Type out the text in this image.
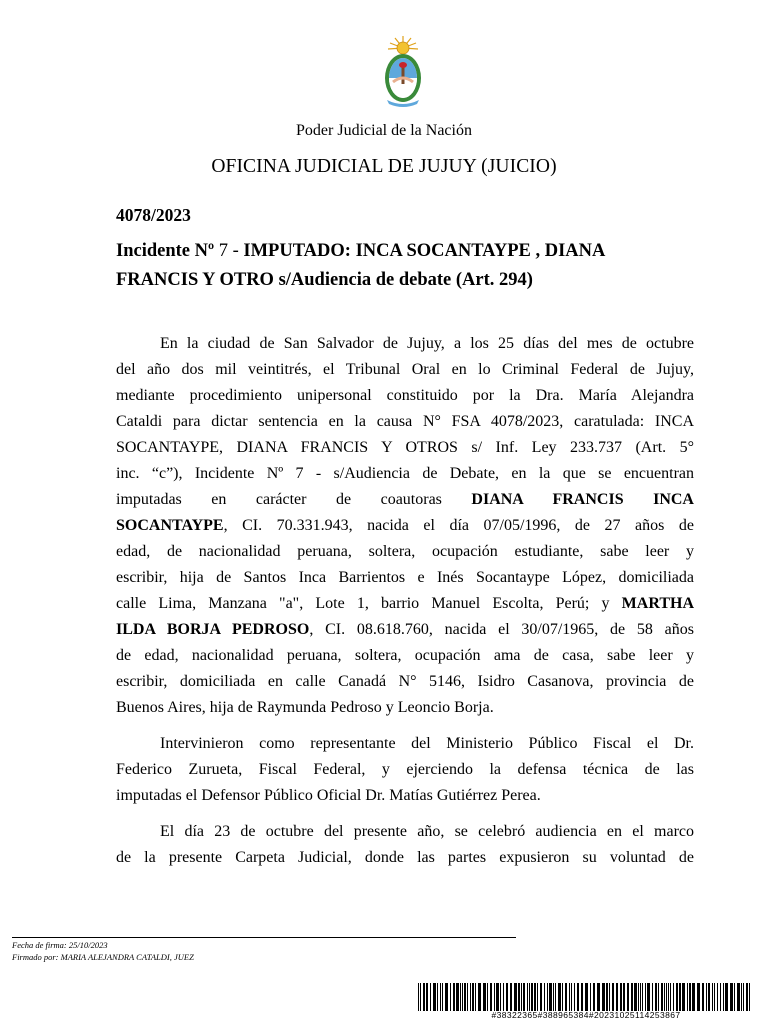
Poder Judicial de la Nación
OFICINA JUDICIAL DE JUJUY (JUICIO)
4078/2023
Incidente Nº 7 - IMPUTADO: INCA SOCANTAYPE , DIANA
FRANCIS Y OTRO s/Audiencia de debate (Art. 294)
En la ciudad de San Salvador de Jujuy, a los 25 días del mes de octubre
del año dos mil veintitrés, el Tribunal Oral en lo Criminal Federal de Jujuy,
mediante procedimiento unipersonal constituido por la Dra. María Alejandra
Cataldi para dictar sentencia en la causa N° FSA 4078/2023, caratulada: INCA
SOCANTAYPE, DIANA FRANCIS Y OTROS s/ Inf. Ley 233.737 (Art. 5°
inc. “c”), Incidente Nº 7 - s/Audiencia de Debate, en la que se encuentran
imputadas en carácter de coautoras DIANA FRANCIS INCA
SOCANTAYPE, CI. 70.331.943, nacida el día 07/05/1996, de 27 años de
edad, de nacionalidad peruana, soltera, ocupación estudiante, sabe leer y
escribir, hija de Santos Inca Barrientos e Inés Socantaype López, domiciliada
calle Lima, Manzana "a", Lote 1, barrio Manuel Escolta, Perú; y MARTHA
ILDA BORJA PEDROSO, CI. 08.618.760, nacida el 30/07/1965, de 58 años
de edad, nacionalidad peruana, soltera, ocupación ama de casa, sabe leer y
escribir, domiciliada en calle Canadá N° 5146, Isidro Casanova, provincia de
Buenos Aires, hija de Raymunda Pedroso y Leoncio Borja.
Intervinieron como representante del Ministerio Público Fiscal el Dr.
Federico Zurueta, Fiscal Federal, y ejerciendo la defensa técnica de las
imputadas el Defensor Público Oficial Dr. Matías Gutiérrez Perea.
El día 23 de octubre del presente año, se celebró audiencia en el marco
de la presente Carpeta Judicial, donde las partes expusieron su voluntad de
Fecha de firma: 25/10/2023
Firmado por: MARIA ALEJANDRA CATALDI, JUEZ
#38322365#388965384#20231025114253867
